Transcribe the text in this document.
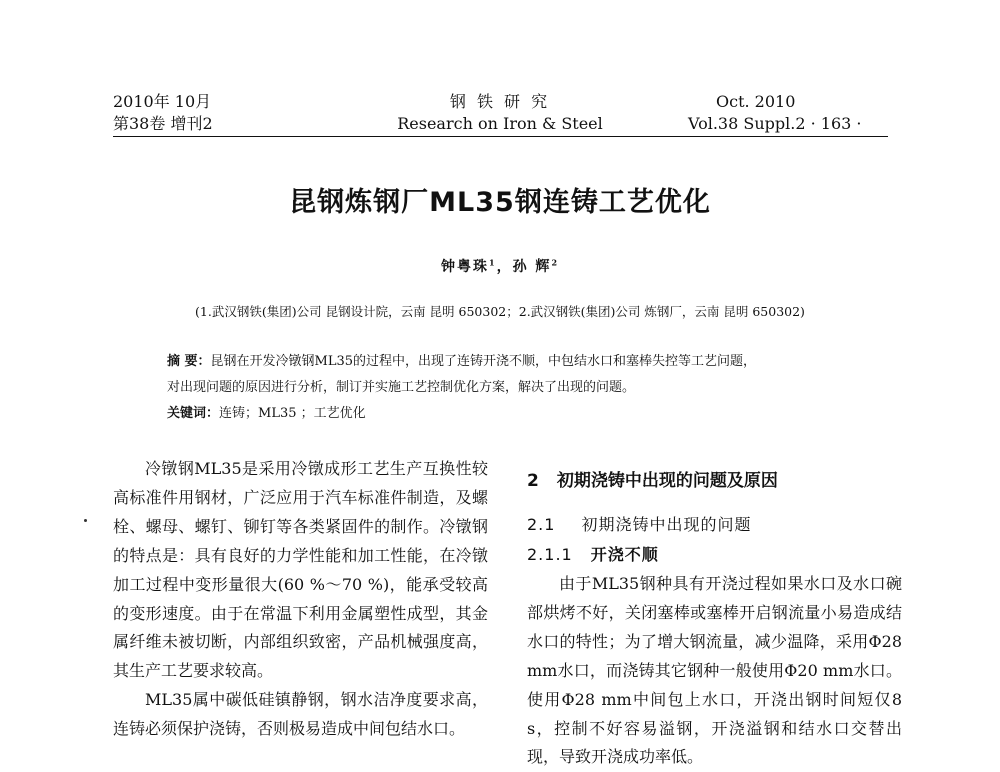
2010年 10月
第38卷 增刊2
钢 铁 研 究
Research on Iron & Steel
Oct. 2010
Vol.38 Suppl.2 · 163 ·
昆钢炼钢厂ML35钢连铸工艺优化
钟粤珠$^1$，孙 辉$^2$
(1.武汉钢铁(集团)公司 昆钢设计院，云南 昆明 650302；2.武汉钢铁(集团)公司 炼钢厂，云南 昆明 650302)
摘 要：昆钢在开发冷镦钢ML35的过程中，出现了连铸开浇不顺，中包结水口和塞棒失控等工艺问题，
对出现问题的原因进行分析，制订并实施工艺控制优化方案，解决了出现的问题。
关键词：连铸；ML35 ；工艺优化

冷镦钢ML35是采用冷镦成形工艺生产互换性较高标准件用钢材，广泛应用于汽车标准件制造，及螺栓、螺母、螺钉、铆钉等各类紧固件的制作。冷镦钢的特点是：具有良好的力学性能和加工性能，在冷镦加工过程中变形量很大(60 %～70 %)，能承受较高的变形速度。由于在常温下利用金属塑性成型，其金属纤维未被切断，内部组织致密，产品机械强度高，其生产工艺要求较高。

ML35属中碳低硅镇静钢，钢水洁净度要求高，连铸必须保护浇铸，否则极易造成中间包结水口。

2 初期浇铸中出现的问题及原因
2.1 初期浇铸中出现的问题
2.1.1 开浇不顺

由于ML35钢种具有开浇过程如果水口及水口碗部烘烤不好，关闭塞棒或塞棒开启钢流量小易造成结水口的特性；为了增大钢流量，减少温降，采用Φ28 mm水口，而浇铸其它钢种一般使用Φ20 mm水口。使用Φ28 mm中间包上水口，开浇出钢时间短仅8 s，控制不好容易溢钢，开浇溢钢和结水口交替出现，导致开浇成功率低。
